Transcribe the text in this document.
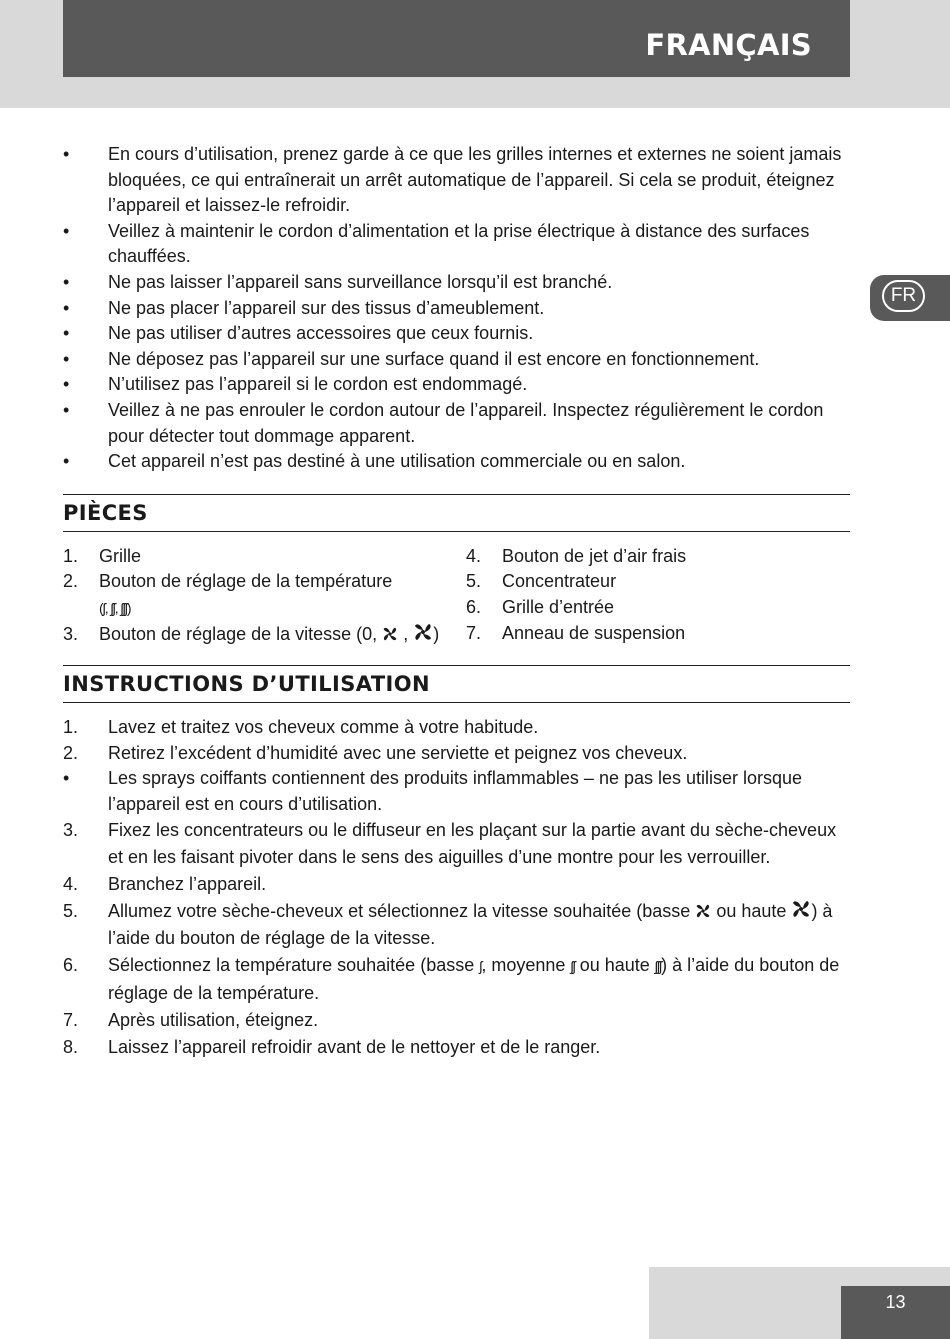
FRANÇAIS
FR
• En cours d’utilisation, prenez garde à ce que les grilles internes et externes ne soient jamais bloquées, ce qui entraînerait un arrêt automatique de l’appareil. Si cela se produit, éteignez l’appareil et laissez-le refroidir.
• Veillez à maintenir le cordon d’alimentation et la prise électrique à distance des surfaces chauffées.
• Ne pas laisser l’appareil sans surveillance lorsqu’il est branché.
• Ne pas placer l’appareil sur des tissus d’ameublement.
• Ne pas utiliser d’autres accessoires que ceux fournis.
• Ne déposez pas l’appareil sur une surface quand il est encore en fonctionnement.
• N’utilisez pas l’appareil si le cordon est endommagé.
• Veillez à ne pas enrouler le cordon autour de l’appareil. Inspectez régulièrement le cordon pour détecter tout dommage apparent.
• Cet appareil n’est pas destiné à une utilisation commerciale ou en salon.
PIÈCES
1. Grille
2. Bouton de réglage de la température
(ʃ, ʃʃ, ʃʃʃ)
3. Bouton de réglage de la vitesse (0, , )
4. Bouton de jet d’air frais
5. Concentrateur
6. Grille d’entrée
7. Anneau de suspension
INSTRUCTIONS D’UTILISATION
1. Lavez et traitez vos cheveux comme à votre habitude.
2. Retirez l’excédent d’humidité avec une serviette et peignez vos cheveux.
• Les sprays coiffants contiennent des produits inflammables – ne pas les utiliser lorsque l’appareil est en cours d’utilisation.
3. Fixez les concentrateurs ou le diffuseur en les plaçant sur la partie avant du sèche-cheveux et en les faisant pivoter dans le sens des aiguilles d’une montre pour les verrouiller.
4. Branchez l’appareil.
5. Allumez votre sèche-cheveux et sélectionnez la vitesse souhaitée (basse ou haute ) à l’aide du bouton de réglage de la vitesse.
6. Sélectionnez la température souhaitée (basse ʃ, moyenne ʃʃ ou haute ʃʃʃ) à l’aide du bouton de réglage de la température.
7. Après utilisation, éteignez.
8. Laissez l’appareil refroidir avant de le nettoyer et de le ranger.
13
